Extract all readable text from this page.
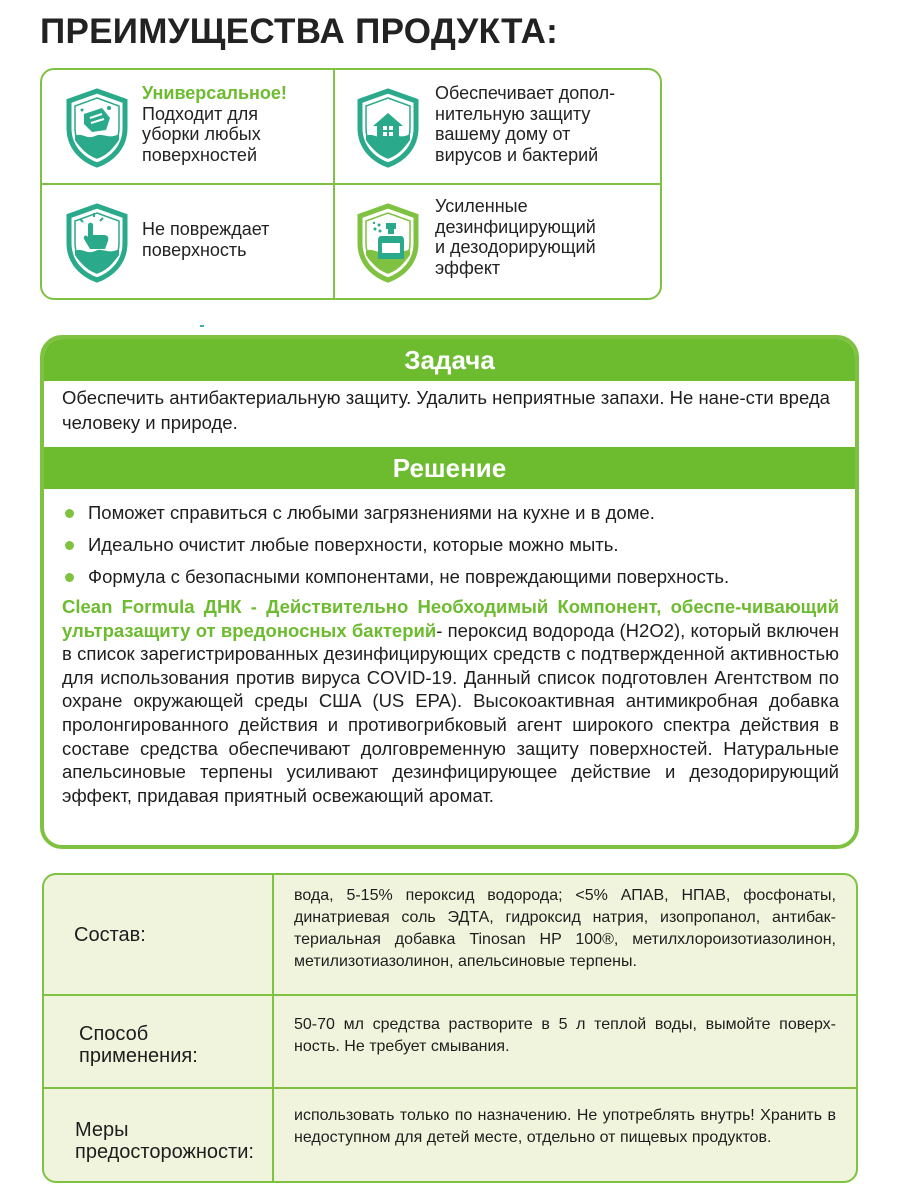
ПРЕИМУЩЕСТВА ПРОДУКТА:
Универсальное!
Подходит для
уборки любых
поверхностей
Обеспечивает допол-
нительную защиту
вашему дому от
вирусов и бактерий
Не повреждает
поверхность
Усиленные
дезинфицирующий
и дезодорирующий
эффект
Задача
Обеспечить антибактериальную защиту. Удалить неприятные запахи. Не нане-сти вреда человеку и природе.
Решение
Поможет справиться с любыми загрязнениями на кухне и в доме.
Идеально очистит любые поверхности, которые можно мыть.
Формула с безопасными компонентами, не повреждающими поверхность.

Clean Formula ДНК - Действительно Необходимый Компонент, обеспе-чивающий ультразащиту от вредоносных бактерий- пероксид водорода (H2O2), который включен в список зарегистрированных дезинфицирующих средств с подтвержденной активностью для использования против вируса COVID-19. Данный список подготовлен Агентством по охране окружающей среды США (US EPA). Высокоактивная антимикробная добавка пролонгированного действия и противогрибковый агент широкого спектра действия в составе средства обеспечивают долговременную защиту поверхностей. Натуральные апельсиновые терпены усиливают дезинфицирующее действие и дезодорирующий эффект, придавая приятный освежающий аромат.

Состав:
вода, 5-15% пероксид водорода; <5% АПАВ, НПАВ, фосфонаты, динатриевая соль ЭДТА, гидроксид натрия, изопропанол, антибак-териальная добавка Tinosan HP 100®, метилхлороизотиазолинон, метилизотиазолинон, апельсиновые терпены.
Способ
применения:
50-70 мл средства растворите в 5 л теплой воды, вымойте поверх-ность. Не требует смывания.
Меры
предосторожности:
использовать только по назначению. Не употреблять внутрь! Хранить в недоступном для детей месте, отдельно от пищевых продуктов.
